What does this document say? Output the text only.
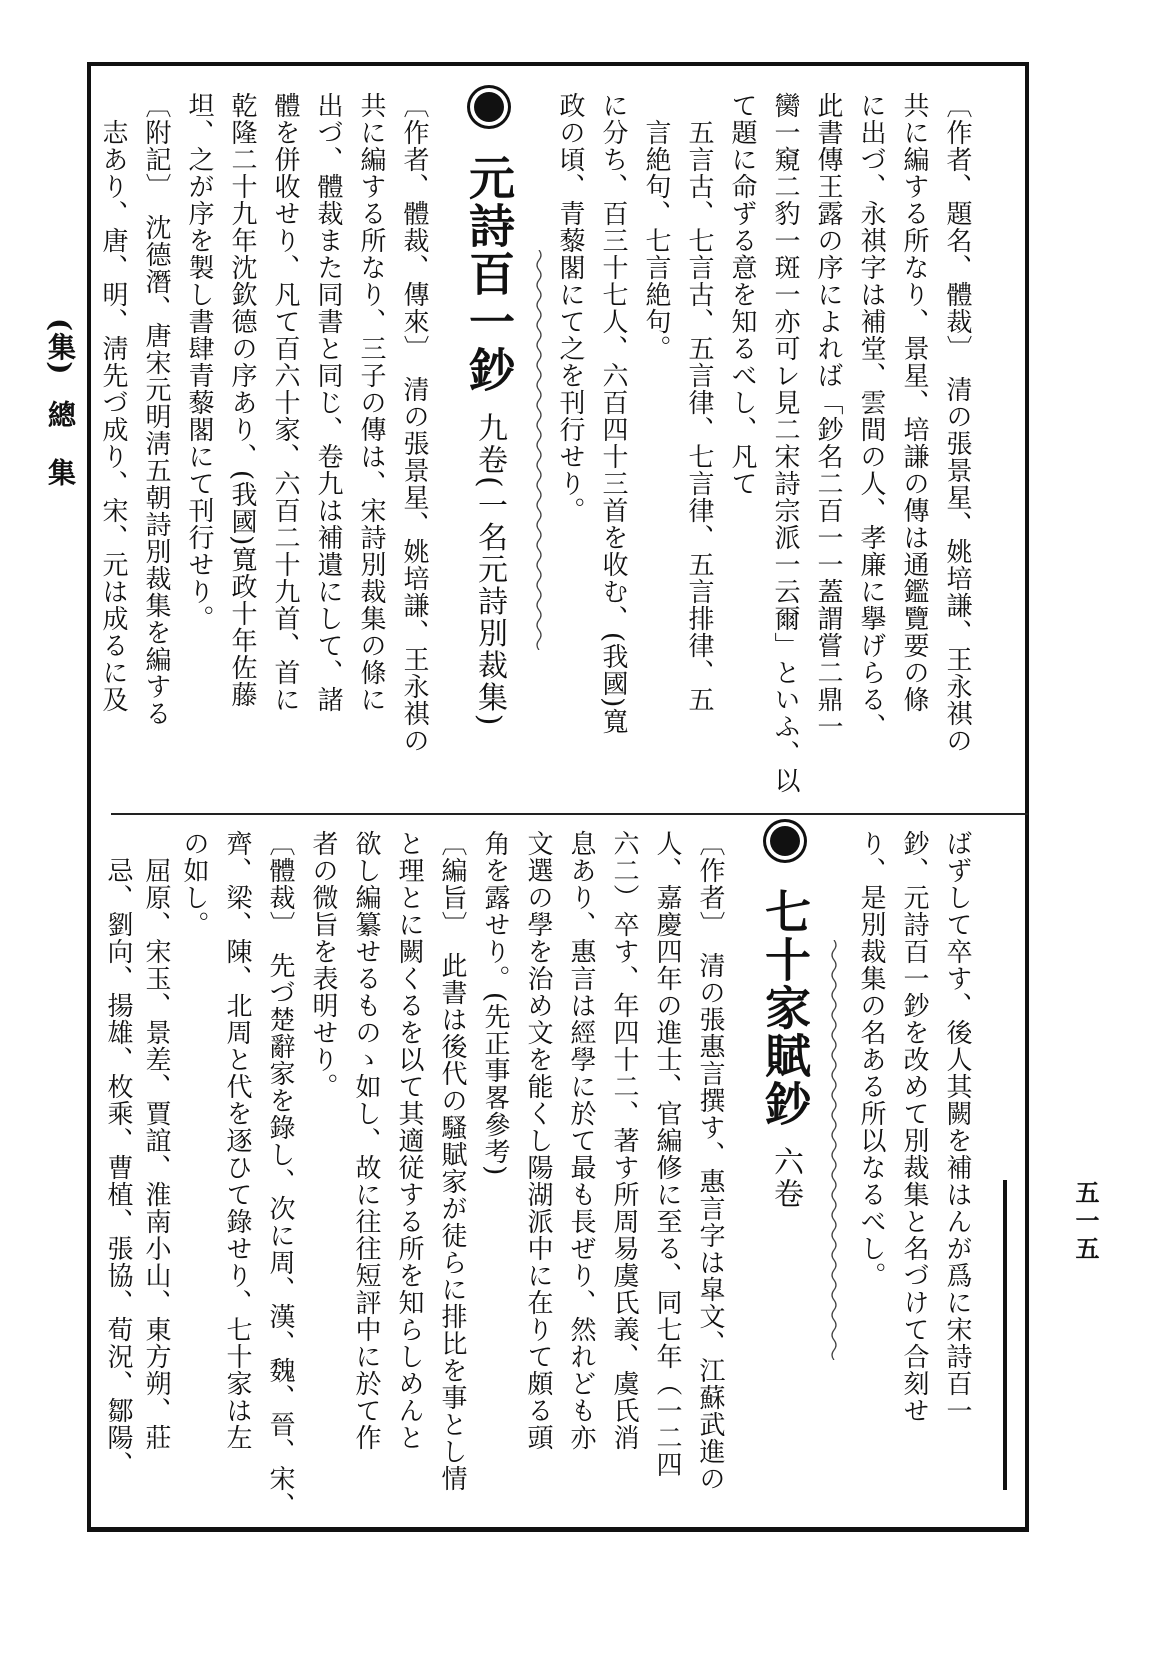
(集)
總　集	〔作者、題名、體裁〕　清の張景星、姚培謙、王永祺の
共に編する所なり、景星、培謙の傳は通鑑覽要の條
に出づ、永祺字は補堂、雲間の人、孝廉に擧げらる、
此書傳王露の序によれば「鈔名二百一一蓋謂嘗二鼎一
臠一窺二豹一斑一亦可レ見二宋詩宗派一云爾」といふ、以
て題に命ずる意を知るべし、凡て
　五言古、七言古、五言律、七言律、五言排律、五
　言絶句、七言絶句。
に分ち、百三十七人、六百四十三首を收む、(我國)寬
政の頃、青藜閣にて之を刊行せり。
元詩百一鈔 九卷(一名元詩別裁集)
〔作者、體裁、傳來〕　清の張景星、姚培謙、王永祺の
共に編する所なり、三子の傳は、宋詩別裁集の條に
出づ、體裁また同書と同じ、卷九は補遺にして、諸
體を併收せり、凡て百六十家、六百二十九首、首に
乾隆二十九年沈欽德の序あり、(我國)寬政十年佐藤
坦、之が序を製し書肆青藜閣にて刊行せり。
〔附記〕　沈德潛、唐宋元明淸五朝詩別裁集を編する
　志あり、唐、明、淸先づ成り、宋、元は成るに及
ばずして卒す、後人其闕を補はんが爲に宋詩百一
鈔、元詩百一鈔を改めて別裁集と名づけて合刻せ
り、是別裁集の名ある所以なるべし。
七十家賦鈔 六卷
〔作者〕　清の張惠言撰す、惠言字は皐文、江蘇武進の
人、嘉慶四年の進士、官編修に至る、同七年（一二四
六二）卒す、年四十二、著す所周易虞氏義、虞氏消
息あり、惠言は經學に於て最も長ぜり、然れども亦
文選の學を治め文を能くし陽湖派中に在りて頗る頭
角を露せり。(先正事畧參考)
〔編旨〕　此書は後代の騷賦家が徒らに排比を事とし情
と理とに闕くるを以て其適従する所を知らしめんと
欲し編纂せるものゝ如し、故に往往短評中に於て作
者の微旨を表明せり。
〔體裁〕　先づ楚辭家を錄し、次に周、漢、魏、晉、宋、
齊、梁、陳、北周と代を逐ひて錄せり、七十家は左
の如し。
　屈原、宋玉、景差、賈誼、淮南小山、東方朔、莊
　忌、劉向、揚雄、枚乘、曹植、張協、荀況、鄒陽、	五一五
